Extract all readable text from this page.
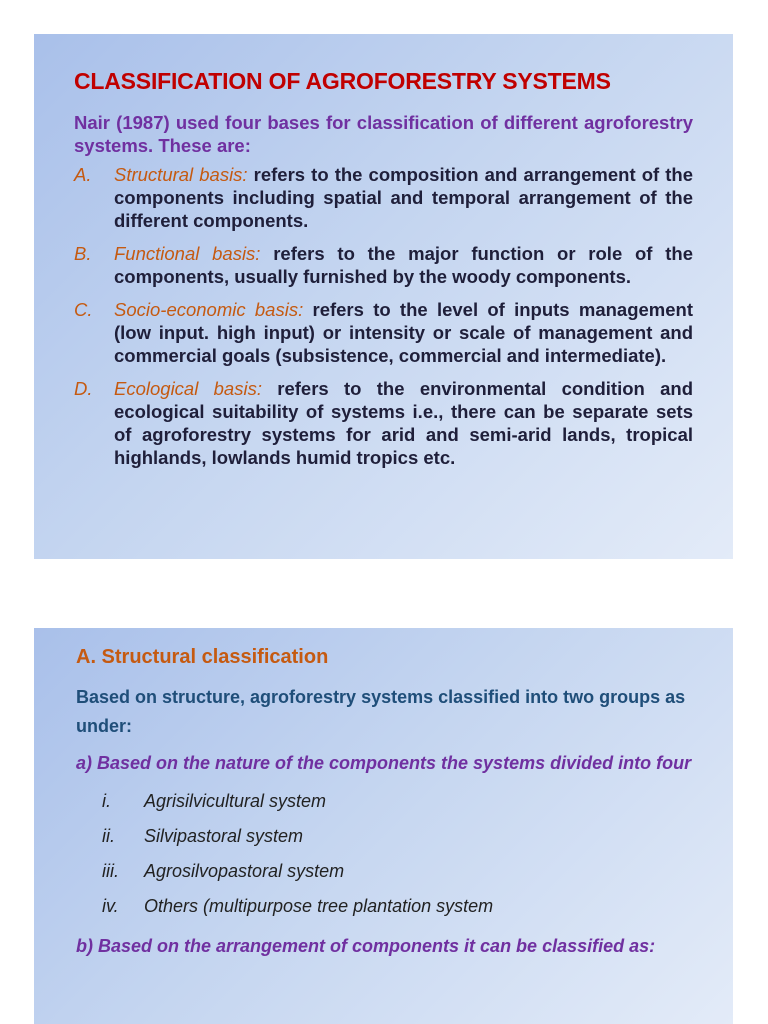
CLASSIFICATION OF AGROFORESTRY SYSTEMS
Nair (1987) used four bases for classification of different agroforestry systems. These are:
A. Structural basis: refers to the composition and arrangement of the components including spatial and temporal arrangement of the different components.
B. Functional basis: refers to the major function or role of the components, usually furnished by the woody components.
C. Socio-economic basis: refers to the level of inputs management (low input. high input) or intensity or scale of management and commercial goals (subsistence, commercial and intermediate).
D. Ecological basis: refers to the environmental condition and ecological suitability of systems i.e., there can be separate sets of agroforestry systems for arid and semi-arid lands, tropical highlands, lowlands humid tropics etc.
A. Structural classification
Based on structure, agroforestry systems classified into two groups as under:
a) Based on the nature of the components the systems divided into four
i. Agrisilvicultural system
ii. Silvipastoral system
iii. Agrosilvopastoral system
iv. Others (multipurpose tree plantation system
b) Based on the arrangement of components it can be classified as:
